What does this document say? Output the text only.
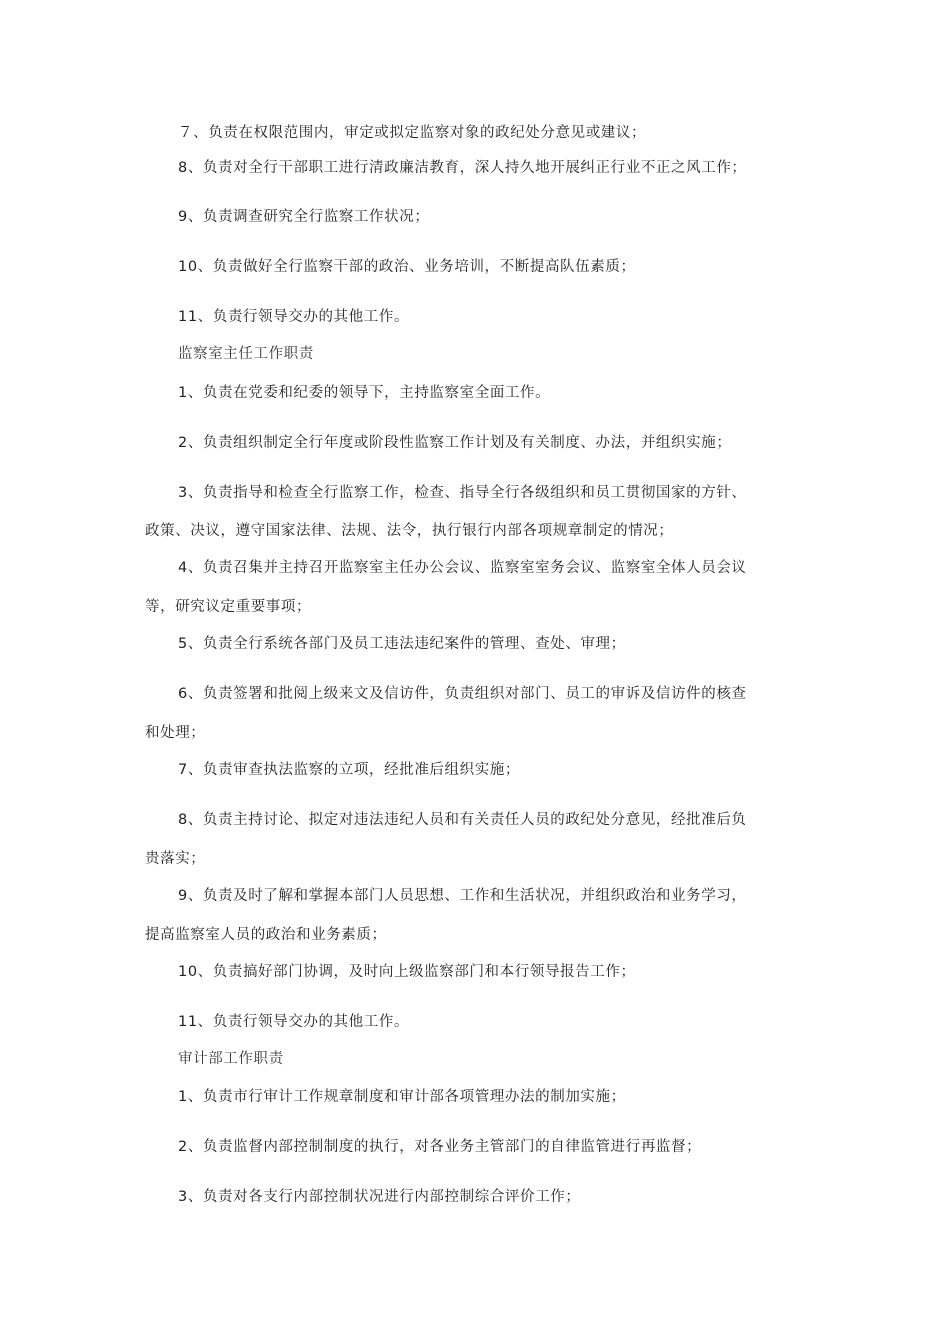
７、负责在权限范围内，审定或拟定监察对象的政纪处分意见或建议；
8、负责对全行干部职工进行清政廉洁教育，深人持久地开展纠正行业不正之风工作；
9、负责调查研究全行监察工作状况；
10、负责做好全行监察干部的政治、业务培训，不断提高队伍素质；
11、负责行领导交办的其他工作。
监察室主任工作职责
1、负责在党委和纪委的领导下，主持监察室全面工作。
2、负责组织制定全行年度或阶段性监察工作计划及有关制度、办法，并组织实施；
3、负责指导和检查全行监察工作，检查、指导全行各级组织和员工贯彻国家的方针、
政策、决议，遵守国家法律、法规、法令，执行银行内部各项规章制定的情况；
4、负责召集并主持召开监察室主任办公会议、监察室室务会议、监察室全体人员会议
等，研究议定重要事项；
5、负责全行系统各部门及员工违法违纪案件的管理、查处、审理；
6、负责签署和批阅上级来文及信访件，负责组织对部门、员工的审诉及信访件的核查
和处理；
7、负责审查执法监察的立项，经批准后组织实施；
8、负责主持讨论、拟定对违法违纪人员和有关责任人员的政纪处分意见，经批准后负
贵落实；
9、负责及时了解和掌握本部门人员思想、工作和生活状况，并组织政治和业务学习，
提高监察室人员的政治和业务素质；
10、负责搞好部门协调，及时向上级监察部门和本行领导报告工作；
11、负责行领导交办的其他工作。
审计部工作职责
1、负责市行审计工作规章制度和审计部各项管理办法的制加实施；
2、负责监督内部控制制度的执行，对各业务主管部门的自律监管进行再监督；
3、负责对各支行内部控制状况进行内部控制综合评价工作；
